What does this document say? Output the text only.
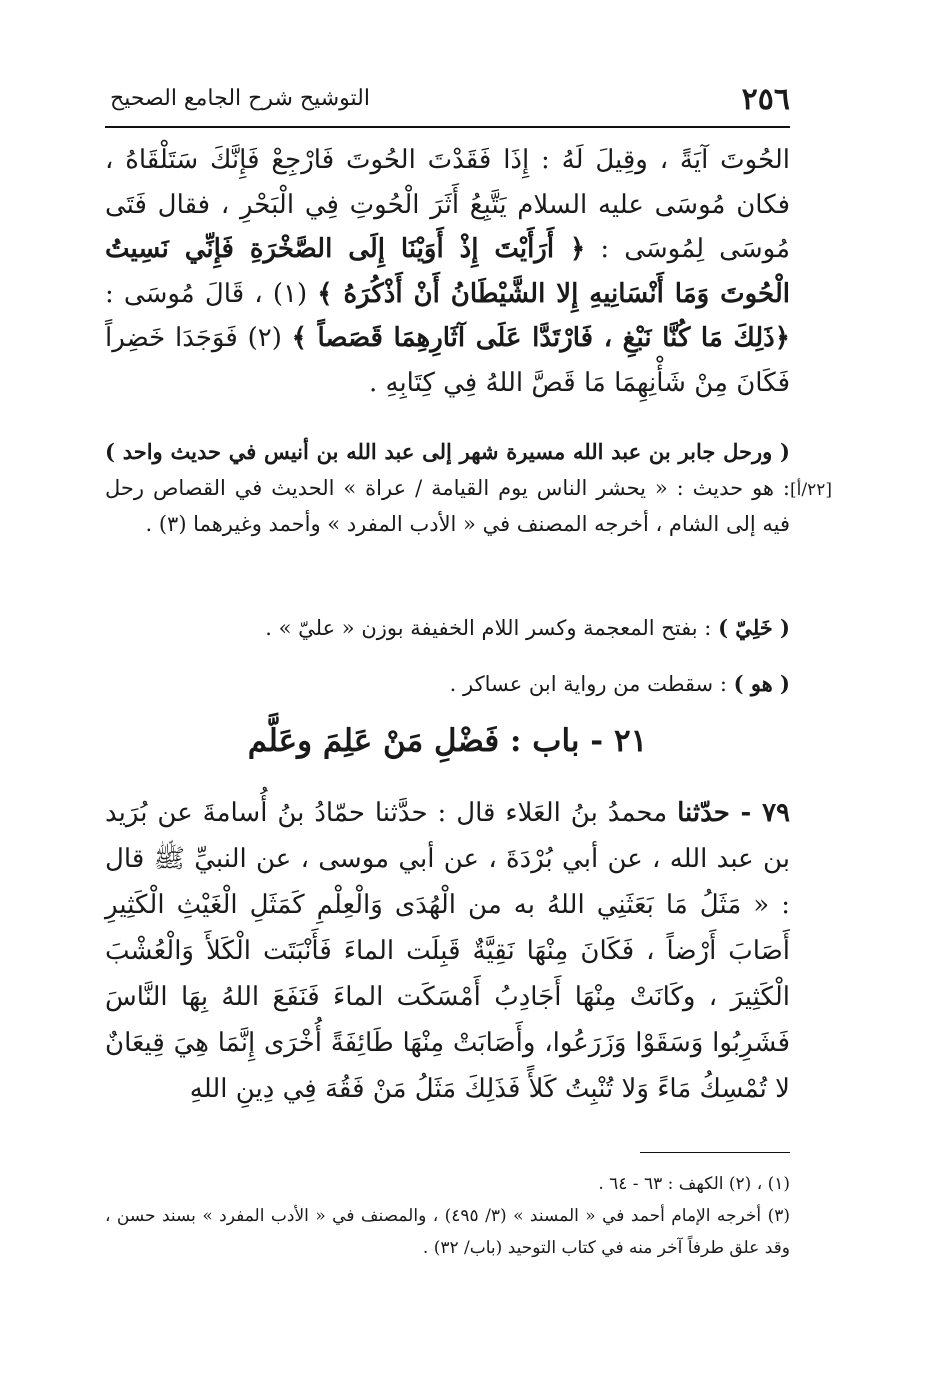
٢٥٦
التوشيح شرح الجامع الصحيح
الحُوتَ آيَةً ، وقِيلَ لَهُ : إِذَا فَقَدْتَ الحُوتَ فَارْجِعْ فَإِنَّكَ سَتَلْقَاهُ ، فكان مُوسَى عليه السلام يَتَّبِعُ أَثَرَ الْحُوتِ فِي الْبَحْرِ ، فقال فَتَى مُوسَى لِمُوسَى : ﴿ أَرَأَيْتَ إِذْ أَوَيْنَا إِلَى الصَّخْرَةِ فَإِنِّي نَسِيتُ الْحُوتَ وَمَا أَنْسَانِيهِ إِلا الشَّيْطَانُ أَنْ أَذْكُرَهُ ﴾ (١) ، قَالَ مُوسَى : ﴿ذَلِكَ مَا كُنَّا نَبْغِ ، فَارْتَدَّا عَلَى آثَارِهِمَا قَصَصاً ﴾ (٢) فَوَجَدَا خَضِراً فَكَانَ مِنْ شَأْنِهِمَا مَا قَصَّ اللهُ فِي كِتَابِهِ .
[٢٢/أ]
( ورحل جابر بن عبد الله مسيرة شهر إلى عبد الله بن أنيس في حديث واحد ) : هو حديث : « يحشر الناس يوم القيامة / عراة » الحديث في القصاص رحل فيه إلى الشام ، أخرجه المصنف في « الأدب المفرد » وأحمد وغيرهما (٣) .
( خَلِيّ ) : بفتح المعجمة وكسر اللام الخفيفة بوزن « عليّ » .
( هو ) : سقطت من رواية ابن عساكر .
٢١ - باب : فَضْلِ مَنْ عَلِمَ وعَلَّم
٧٩ - حدّثنا محمدُ بنُ العَلاء قال : حدَّثنا حمّادُ بنُ أُسامةَ عن بُرَيد بن عبد الله ، عن أبي بُرْدَةَ ، عن أبي موسى ، عن النبيِّ ﷺ قال : « مَثَلُ مَا بَعَثَنِي اللهُ به من الْهُدَى وَالْعِلْمِ كَمَثَلِ الْغَيْثِ الْكَثِيرِ أَصَابَ أَرْضاً ، فَكَانَ مِنْهَا نَقِيَّةٌ قَبِلَت الماءَ فَأَنْبَتَت الْكَلأَ وَالْعُشْبَ الْكَثِيرَ ، وكَانَتْ مِنْهَا أَجَادِبُ أَمْسَكَت الماءَ فَنَفَعَ اللهُ بِهَا النَّاسَ فَشَرِبُوا وَسَقَوْا وَزَرَعُوا، وأَصَابَتْ مِنْهَا طَائِفَةً أُخْرَى إِنَّمَا هِيَ قِيعَانٌ لا تُمْسِكُ مَاءً وَلا تُنْبِتُ كَلأً فَذَلِكَ مَثَلُ مَنْ فَقُهَ فِي دِينِ اللهِ
(١) ، (٢) الكهف : ٦٣ - ٦٤ .
(٣) أخرجه الإمام أحمد في « المسند » (٣/ ٤٩٥) ، والمصنف في « الأدب المفرد » بسند حسن ، وقد علق طرفاً آخر منه في كتاب التوحيد (باب/ ٣٢) .
